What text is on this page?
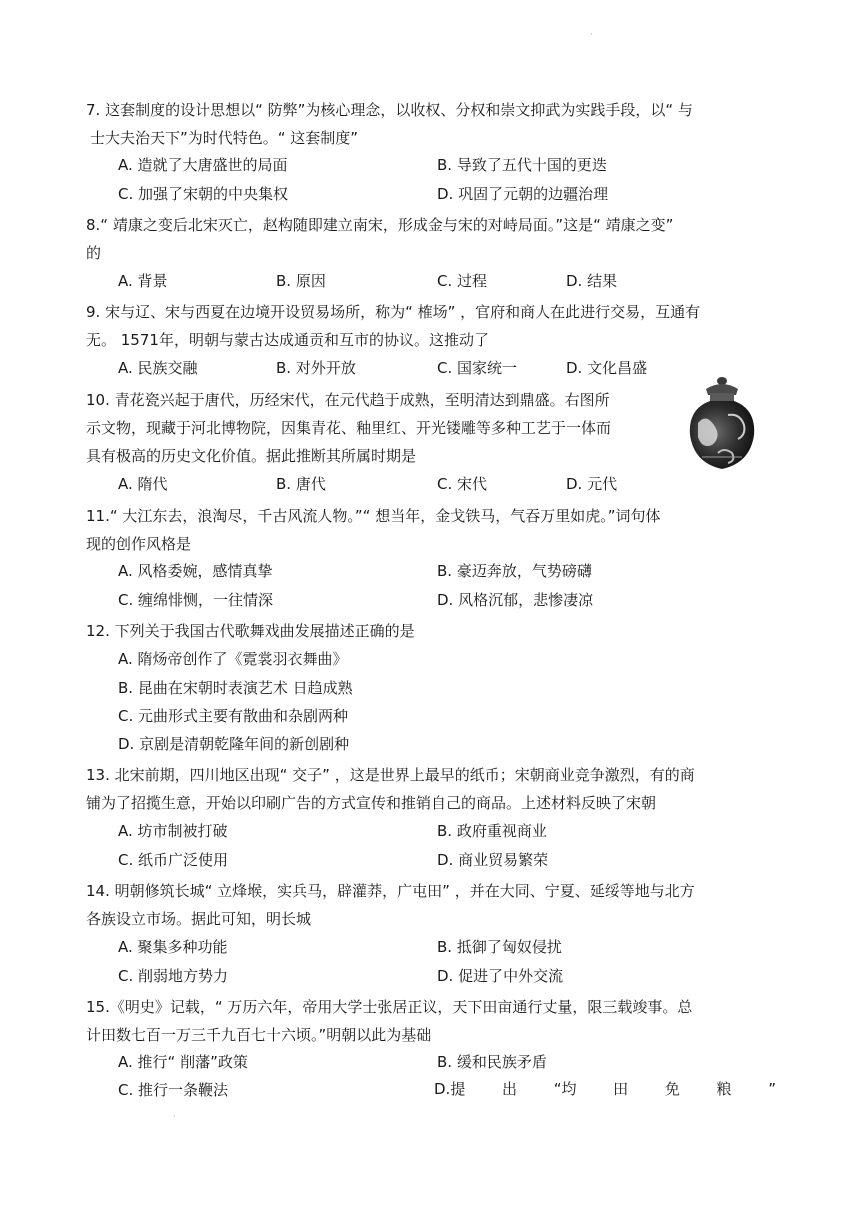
·
7. 这套制度的设计思想以“ 防弊”为核心理念，以收权、分权和崇文抑武为实践手段，以“ 与
士大夫治天下”为时代特色。“ 这套制度”
A. 造就了大唐盛世的局面	B. 导致了五代十国的更迭
C. 加强了宋朝的中央集权	D. 巩固了元朝的边疆治理
8.“ 靖康之变后北宋灭亡，赵构随即建立南宋，形成金与宋的对峙局面。”这是“ 靖康之变”
的
A. 背景	B. 原因	C. 过程	D. 结果
9. 宋与辽、宋与西夏在边境开设贸易场所，称为“ 榷场” ，官府和商人在此进行交易，互通有
无。 1571年，明朝与蒙古达成通贡和互市的协议。这推动了
A. 民族交融	B. 对外开放	C. 国家统一	D. 文化昌盛
10. 青花瓷兴起于唐代，历经宋代，在元代趋于成熟，至明清达到鼎盛。右图所
示文物，现藏于河北博物院，因集青花、釉里红、开光镂雕等多种工艺于一体而
具有极高的历史文化价值。据此推断其所属时期是
A. 隋代	B. 唐代	C. 宋代	D. 元代
11.“ 大江东去，浪淘尽，千古风流人物。”“ 想当年，金戈铁马，气吞万里如虎。”词句体
现的创作风格是
A. 风格委婉，感情真挚	B. 豪迈奔放，气势磅礴
C. 缠绵悱恻，一往情深	D. 风格沉郁，悲惨凄凉
12. 下列关于我国古代歌舞戏曲发展描述正确的是
A. 隋炀帝创作了《霓裳羽衣舞曲》
B. 昆曲在宋朝时表演艺术 日趋成熟
C. 元曲形式主要有散曲和杂剧两种
D. 京剧是清朝乾隆年间的新创剧种
13. 北宋前期，四川地区出现“ 交子” ，这是世界上最早的纸币；宋朝商业竞争激烈，有的商
铺为了招揽生意，开始以印刷广告的方式宣传和推销自己的商品。上述材料反映了宋朝
A. 坊市制被打破	B. 政府重视商业
C. 纸币广泛使用	D. 商业贸易繁荣
14. 明朝修筑长城“ 立烽堠，实兵马，辟灌莽，广屯田” ，并在大同、宁夏、延绥等地与北方
各族设立市场。据此可知，明长城
A. 聚集多种功能	B. 抵御了匈奴侵扰
C. 削弱地方势力	D. 促进了中外交流
15.《明史》记载，“ 万历六年，帝用大学士张居正议，天下田亩通行丈量，限三载竣事。总
计田数七百一万三千九百七十六顷。”明朝以此为基础
A. 推行“ 削藩”政策	B. 缓和民族矛盾
C. 推行一条鞭法	D.提 出 “均 田 免 粮 ”
·
